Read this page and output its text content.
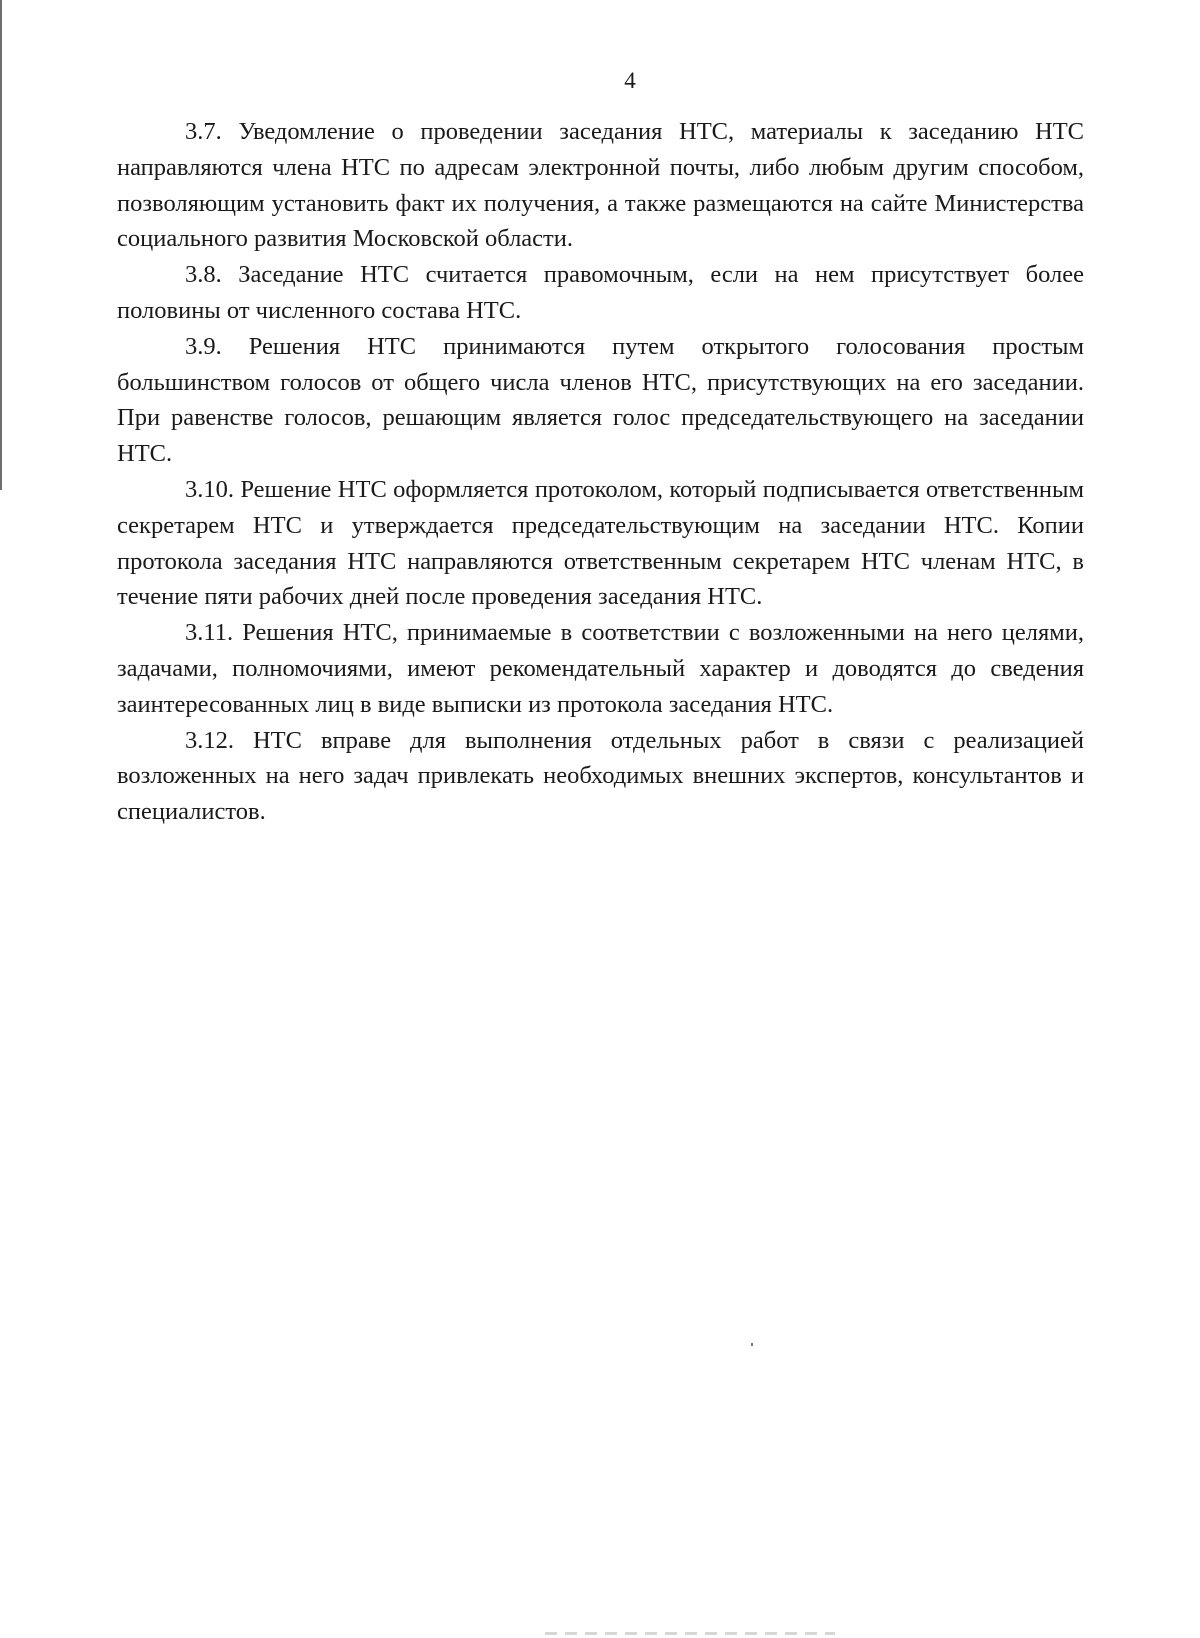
4

3.7. Уведомление о проведении заседания НТС, материалы к заседанию НТС направляются члена НТС по адресам электронной почты, либо любым другим способом, позволяющим установить факт их получения, а также размещаются на сайте Министерства социального развития Московской области.

3.8. Заседание НТС считается правомочным, если на нем присутствует более половины от численного состава НТС.

3.9. Решения НТС принимаются путем открытого голосования простым большинством голосов от общего числа членов НТС, присутствующих на его заседании. При равенстве голосов, решающим является голос председательствующего на заседании НТС.

3.10. Решение НТС оформляется протоколом, который подписывается ответственным секретарем НТС и утверждается председательствующим на заседании НТС. Копии протокола заседания НТС направляются ответственным секретарем НТС членам НТС, в течение пяти рабочих дней после проведения заседания НТС.

3.11. Решения НТС, принимаемые в соответствии с возложенными на него целями, задачами, полномочиями, имеют рекомендательный характер и доводятся до сведения заинтересованных лиц в виде выписки из протокола заседания НТС.

3.12. НТС вправе для выполнения отдельных работ в связи с реализацией возложенных на него задач привлекать необходимых внешних экспертов, консультантов и специалистов.
